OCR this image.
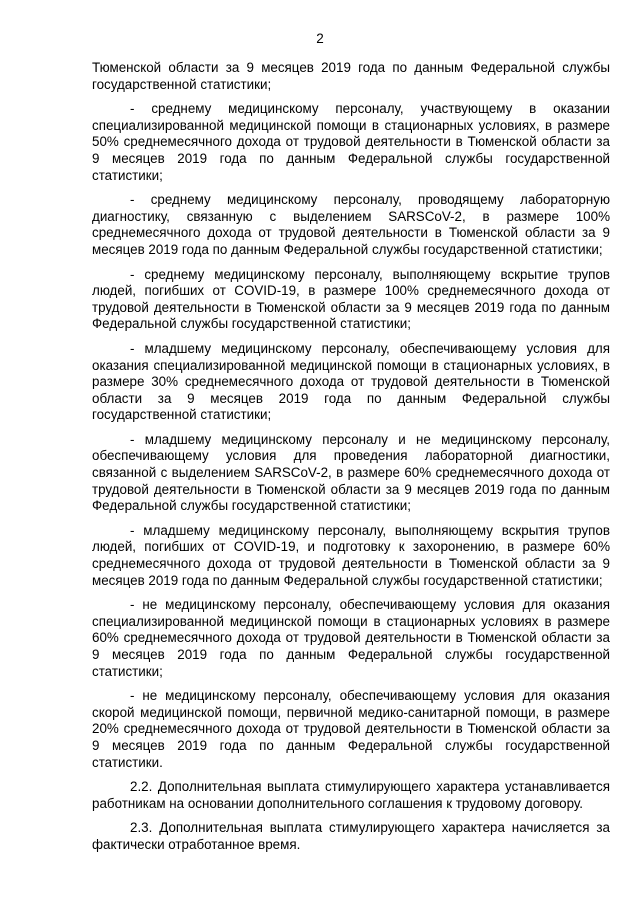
2

Тюменской области за 9 месяцев 2019 года по данным Федеральной службы государственной статистики;

- среднему медицинскому персоналу, участвующему в оказании специализированной медицинской помощи в стационарных условиях, в размере 50% среднемесячного дохода от трудовой деятельности в Тюменской области за 9 месяцев 2019 года по данным Федеральной службы государственной статистики;

- среднему медицинскому персоналу, проводящему лабораторную диагностику, связанную с выделением SARSCoV-2, в размере 100% среднемесячного дохода от трудовой деятельности в Тюменской области за 9 месяцев 2019 года по данным Федеральной службы государственной статистики;

- среднему медицинскому персоналу, выполняющему вскрытие трупов людей, погибших от COVID-19, в размере 100% среднемесячного дохода от трудовой деятельности в Тюменской области за 9 месяцев 2019 года по данным Федеральной службы государственной статистики;

- младшему медицинскому персоналу, обеспечивающему условия для оказания специализированной медицинской помощи в стационарных условиях, в размере 30% среднемесячного дохода от трудовой деятельности в Тюменской области за 9 месяцев 2019 года по данным Федеральной службы государственной статистики;

- младшему медицинскому персоналу и не медицинскому персоналу, обеспечивающему условия для проведения лабораторной диагностики, связанной с выделением SARSCoV-2, в размере 60% среднемесячного дохода от трудовой деятельности в Тюменской области за 9 месяцев 2019 года по данным Федеральной службы государственной статистики;

- младшему медицинскому персоналу, выполняющему вскрытия трупов людей, погибших от COVID-19, и подготовку к захоронению, в размере 60% среднемесячного дохода от трудовой деятельности в Тюменской области за 9 месяцев 2019 года по данным Федеральной службы государственной статистики;

- не медицинскому персоналу, обеспечивающему условия для оказания специализированной медицинской помощи в стационарных условиях в размере 60% среднемесячного дохода от трудовой деятельности в Тюменской области за 9 месяцев 2019 года по данным Федеральной службы государственной статистики;

- не медицинскому персоналу, обеспечивающему условия для оказания скорой медицинской помощи, первичной медико-санитарной помощи, в размере 20% среднемесячного дохода от трудовой деятельности в Тюменской области за 9 месяцев 2019 года по данным Федеральной службы государственной статистики.

2.2. Дополнительная выплата стимулирующего характера устанавливается работникам на основании дополнительного соглашения к трудовому договору.

2.3. Дополнительная выплата стимулирующего характера начисляется за фактически отработанное время.
